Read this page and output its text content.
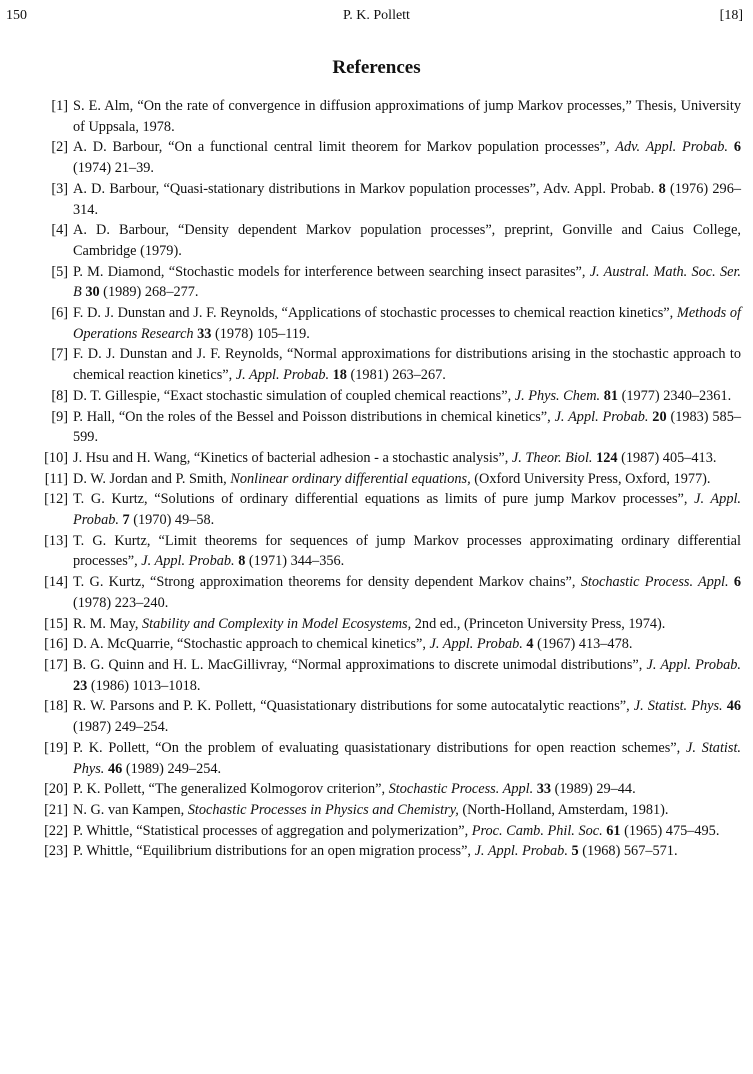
P. K. Pollett
150	[18]
References
[1] S. E. Alm, “On the rate of convergence in diffusion approximations of jump Markov processes,” Thesis, University of Uppsala, 1978.
[2] A. D. Barbour, “On a functional central limit theorem for Markov population processes”, Adv. Appl. Probab. 6 (1974) 21–39.
[3] A. D. Barbour, “Quasi-stationary distributions in Markov population processes”, Adv. Appl. Probab. 8 (1976) 296–314.
[4] A. D. Barbour, “Density dependent Markov population processes”, preprint, Gonville and Caius College, Cambridge (1979).
[5] P. M. Diamond, “Stochastic models for interference between searching insect parasites”, J. Austral. Math. Soc. Ser. B 30 (1989) 268–277.
[6] F. D. J. Dunstan and J. F. Reynolds, “Applications of stochastic processes to chemical reaction kinetics”, Methods of Operations Research 33 (1978) 105–119.
[7] F. D. J. Dunstan and J. F. Reynolds, “Normal approximations for distributions arising in the stochastic approach to chemical reaction kinetics”, J. Appl. Probab. 18 (1981) 263–267.
[8] D. T. Gillespie, “Exact stochastic simulation of coupled chemical reactions”, J. Phys. Chem. 81 (1977) 2340–2361.
[9] P. Hall, “On the roles of the Bessel and Poisson distributions in chemical kinetics”, J. Appl. Probab. 20 (1983) 585–599.
[10] J. Hsu and H. Wang, “Kinetics of bacterial adhesion - a stochastic analysis”, J. Theor. Biol. 124 (1987) 405–413.
[11] D. W. Jordan and P. Smith, Nonlinear ordinary differential equations, (Oxford University Press, Oxford, 1977).
[12] T. G. Kurtz, “Solutions of ordinary differential equations as limits of pure jump Markov processes”, J. Appl. Probab. 7 (1970) 49–58.
[13] T. G. Kurtz, “Limit theorems for sequences of jump Markov processes approximating ordinary differential processes”, J. Appl. Probab. 8 (1971) 344–356.
[14] T. G. Kurtz, “Strong approximation theorems for density dependent Markov chains”, Stochastic Process. Appl. 6 (1978) 223–240.
[15] R. M. May, Stability and Complexity in Model Ecosystems, 2nd ed., (Princeton University Press, 1974).
[16] D. A. McQuarrie, “Stochastic approach to chemical kinetics”, J. Appl. Probab. 4 (1967) 413–478.
[17] B. G. Quinn and H. L. MacGillivray, “Normal approximations to discrete unimodal distributions”, J. Appl. Probab. 23 (1986) 1013–1018.
[18] R. W. Parsons and P. K. Pollett, “Quasistationary distributions for some autocatalytic reactions”, J. Statist. Phys. 46 (1987) 249–254.
[19] P. K. Pollett, “On the problem of evaluating quasistationary distributions for open reaction schemes”, J. Statist. Phys. 46 (1989) 249–254.
[20] P. K. Pollett, “The generalized Kolmogorov criterion”, Stochastic Process. Appl. 33 (1989) 29–44.
[21] N. G. van Kampen, Stochastic Processes in Physics and Chemistry, (North-Holland, Amsterdam, 1981).
[22] P. Whittle, “Statistical processes of aggregation and polymerization”, Proc. Camb. Phil. Soc. 61 (1965) 475–495.
[23] P. Whittle, “Equilibrium distributions for an open migration process”, J. Appl. Probab. 5 (1968) 567–571.
